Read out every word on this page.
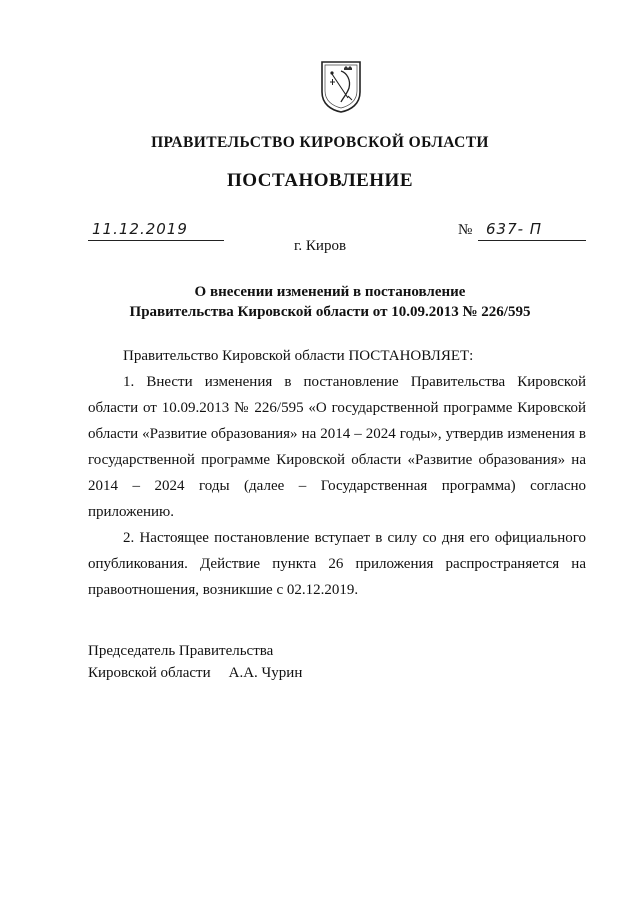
ПРАВИТЕЛЬСТВО КИРОВСКОЙ ОБЛАСТИ
ПОСТАНОВЛЕНИЕ
11.12.2019	№ 637- П
г. Киров
О внесении изменений в постановление
Правительства Кировской области от 10.09.2013 № 226/595

Правительство Кировской области ПОСТАНОВЛЯЕТ:

1. Внести изменения в постановление Правительства Кировской области от 10.09.2013 № 226/595 «О государственной программе Кировской области «Развитие образования» на 2014 – 2024 годы», утвердив изменения в государственной программе Кировской области «Развитие образования» на 2014 – 2024 годы (далее – Государственная программа) согласно приложению.

2. Настоящее постановление вступает в силу со дня его официального опубликования. Действие пункта 26 приложения распространяется на правоотношения, возникшие с 02.12.2019.

Председатель Правительства
Кировской области А.А. Чурин
